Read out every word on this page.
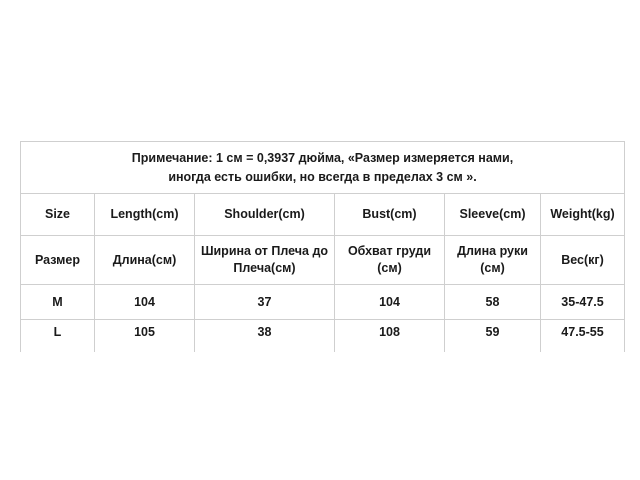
Примечание: 1 см = 0,3937 дюйма, «Размер измеряется нами,
иногда есть ошибки, но всегда в пределах 3 см ».					

Size	Length(cm)	Shoulder(cm)	Bust(cm)	Sleeve(cm)	Weight(kg)
Размер	Длина(см)	Ширина от Плеча до Плеча(см)	Обхват груди (см)	Длина руки (см)	Вес(кг)
M	104	37	104	58	35-47.5
L	105	38	108	59	47.5-55
